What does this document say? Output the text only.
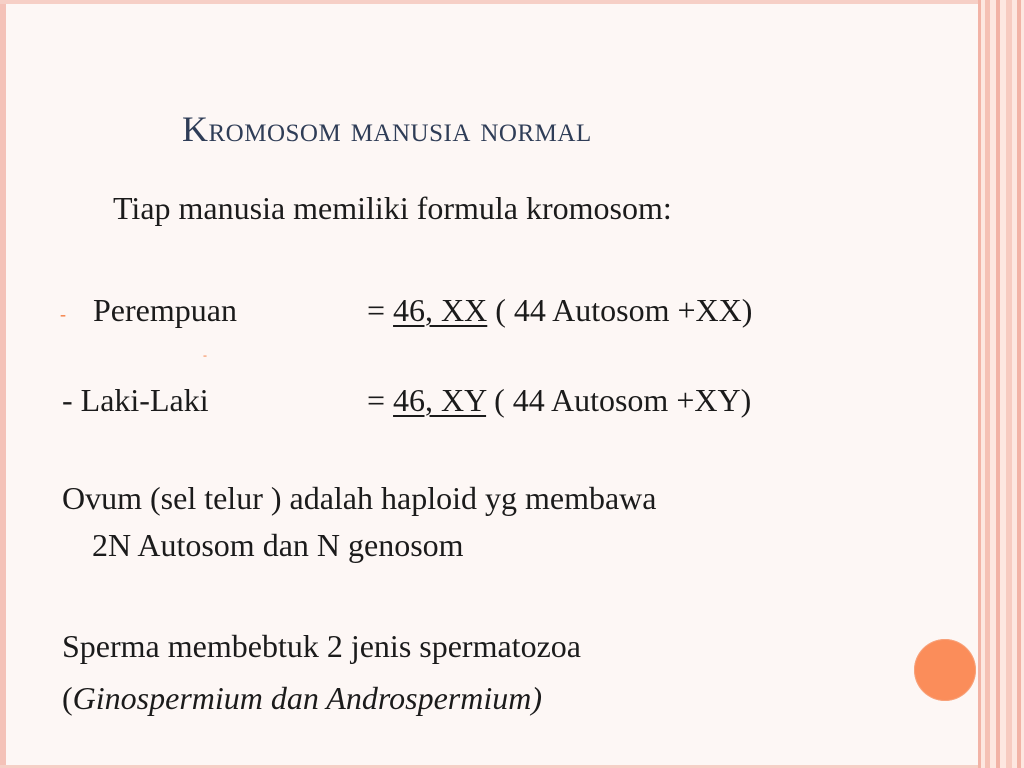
Kromosom manusia normal
Tiap manusia memiliki formula kromosom:
- Perempuan	= 46, XX ( 44 Autosom +XX)
-
- Laki-Laki	= 46, XY ( 44 Autosom +XY)
Ovum (sel telur ) adalah haploid yg membawa
2N Autosom dan N genosom
Sperma membebtuk 2 jenis spermatozoa
(Ginospermium dan Androspermium)
